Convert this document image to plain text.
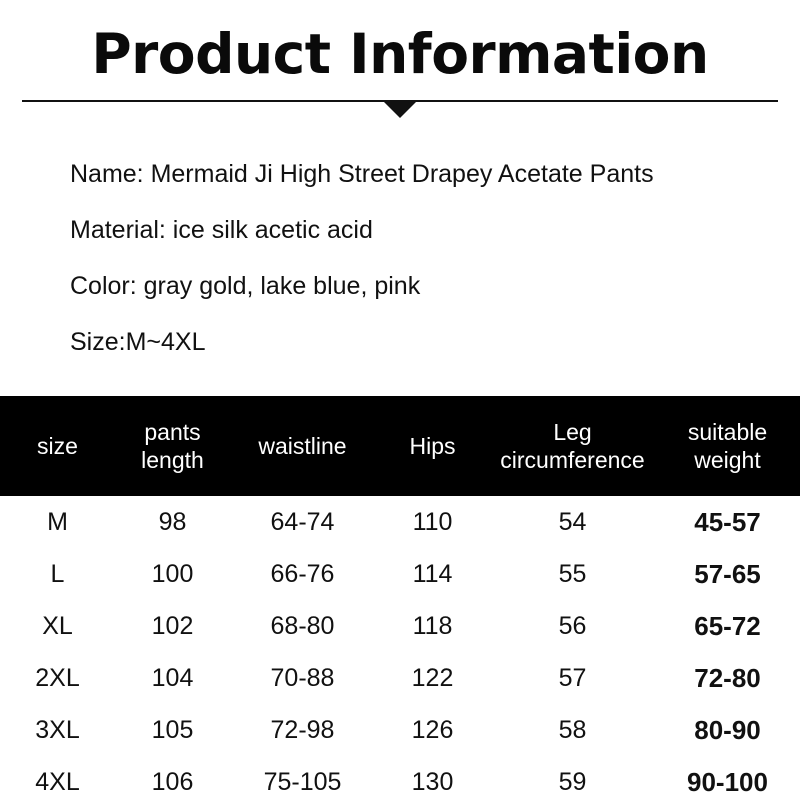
Product Information
Name: Mermaid Ji High Street Drapey Acetate Pants
Material: ice silk acetic acid
Color: gray gold, lake blue, pink
Size:M~4XL
size	pants length	waistline	Hips	Leg circumference	suitable weight
M	98	64-74	110	54	45-57
L	100	66-76	114	55	57-65
XL	102	68-80	118	56	65-72
2XL	104	70-88	122	57	72-80
3XL	105	72-98	126	58	80-90
4XL	106	75-105	130	59	90-100
